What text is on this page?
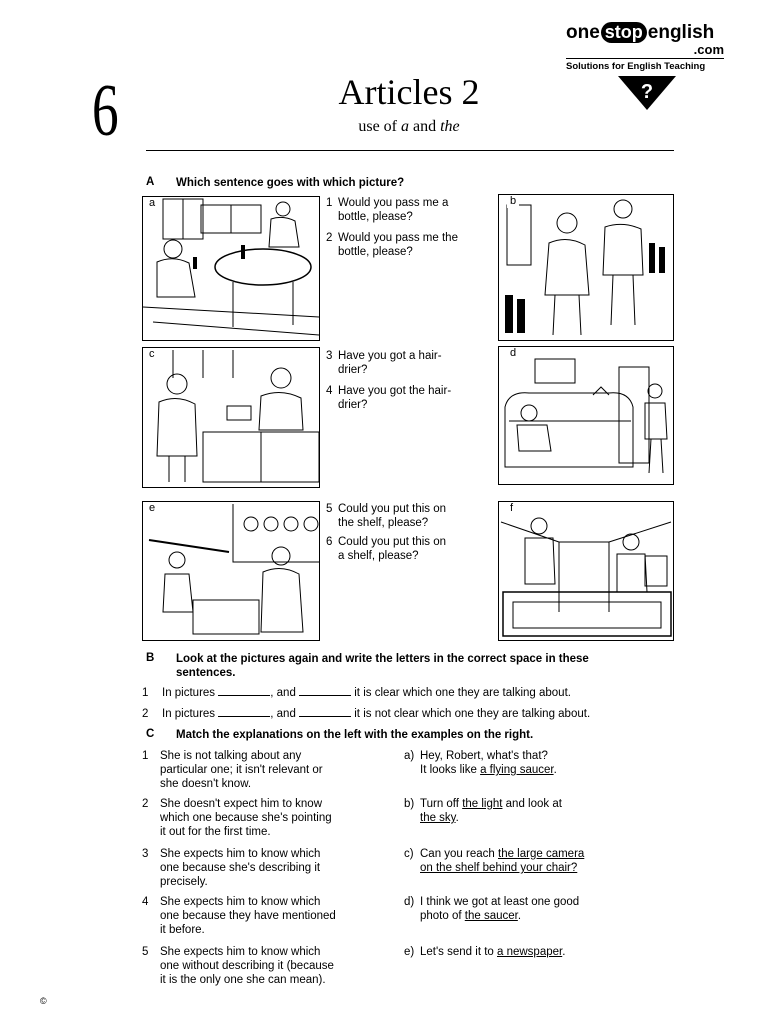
6	Articles 2
use of a and the
one stop english
.com
Solutions for English Teaching
?
A Which sentence goes with which picture?
a	1 Would you pass me a
bottle, please?
2 Would you pass me the
bottle, please?
b
c	3 Have you got a hair-
drier?
4 Have you got the hair-
drier?
d
e	5 Could you put this on
the shelf, please?
6 Could you put this on
a shelf, please?
f
B Look at the pictures again and write the letters in the correct space in these
sentences.
1 In pictures	, and	it is clear which one they are talking about.
2 In pictures	, and	it is not clear which one they are talking about.
C Match the explanations on the left with the examples on the right.
1 She is not talking about any
particular one; it isn't relevant or
she doesn't know.
2 She doesn't expect him to know
which one because she's pointing
it out for the first time.
3 She expects him to know which
one because she's describing it
precisely.
4 She expects him to know which
one because they have mentioned
it before.
5 She expects him to know which
one without describing it (because
it is the only one she can mean).
a) Hey, Robert, what's that?
It looks like a flying saucer.
b) Turn off the light and look at
the sky.
c) Can you reach the large camera
on the shelf behind your chair?
d) I think we got at least one good
photo of the saucer.
e) Let's send it to a newspaper.
©
